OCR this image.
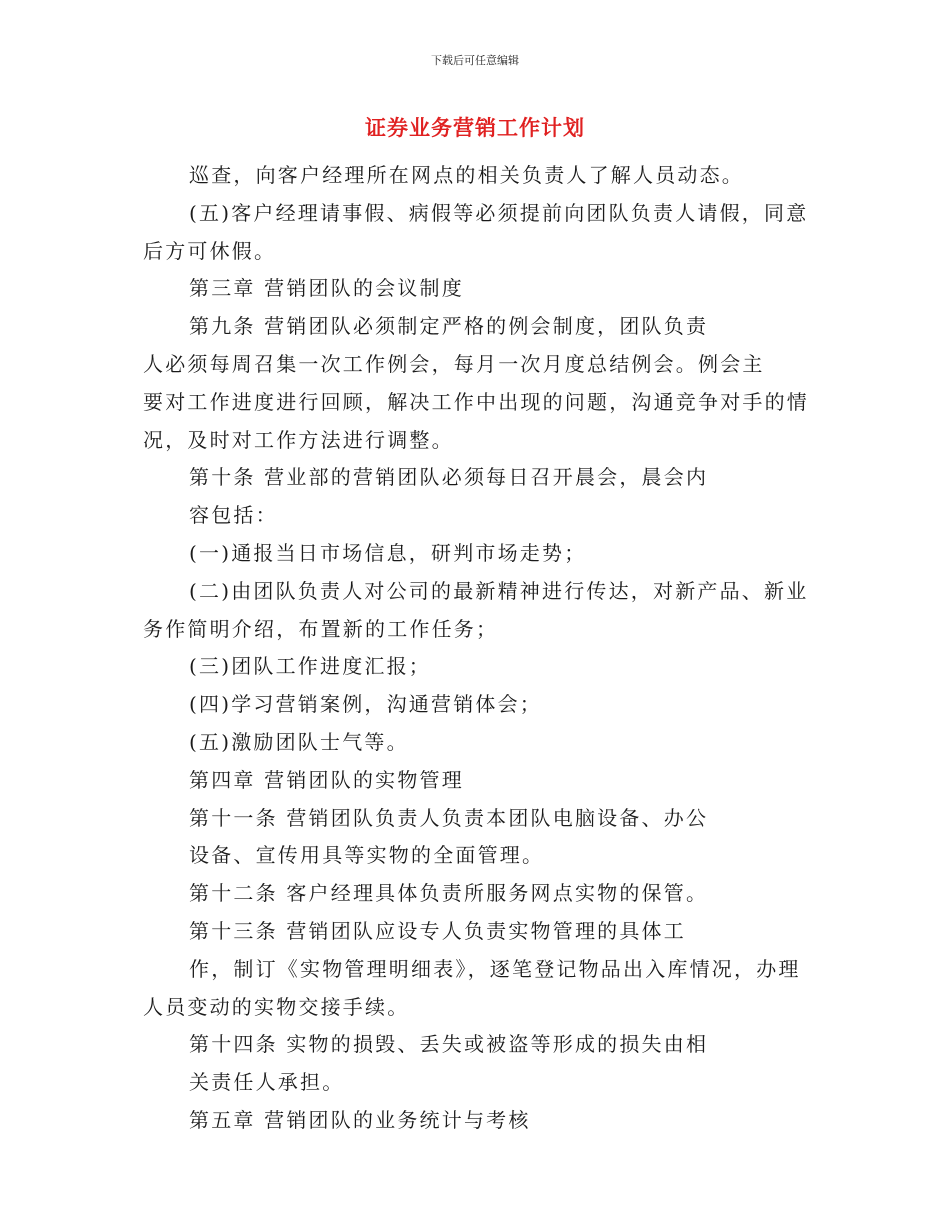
下载后可任意编辑
证券业务营销工作计划
巡查，向客户经理所在网点的相关负责人了解人员动态。
(五)客户经理请事假、病假等必须提前向团队负责人请假，同意
后方可休假。
第三章 营销团队的会议制度
第九条 营销团队必须制定严格的例会制度，团队负责
人必须每周召集一次工作例会，每月一次月度总结例会。例会主
要对工作进度进行回顾，解决工作中出现的问题，沟通竞争对手的情
况，及时对工作方法进行调整。
第十条 营业部的营销团队必须每日召开晨会，晨会内
容包括：
(一)通报当日市场信息，研判市场走势；
(二)由团队负责人对公司的最新精神进行传达，对新产品、新业
务作简明介绍，布置新的工作任务；
(三)团队工作进度汇报；
(四)学习营销案例，沟通营销体会；
(五)激励团队士气等。
第四章 营销团队的实物管理
第十一条 营销团队负责人负责本团队电脑设备、办公
设备、宣传用具等实物的全面管理。
第十二条 客户经理具体负责所服务网点实物的保管。
第十三条 营销团队应设专人负责实物管理的具体工
作，制订《实物管理明细表》，逐笔登记物品出入库情况，办理
人员变动的实物交接手续。
第十四条 实物的损毁、丢失或被盗等形成的损失由相
关责任人承担。
第五章 营销团队的业务统计与考核
